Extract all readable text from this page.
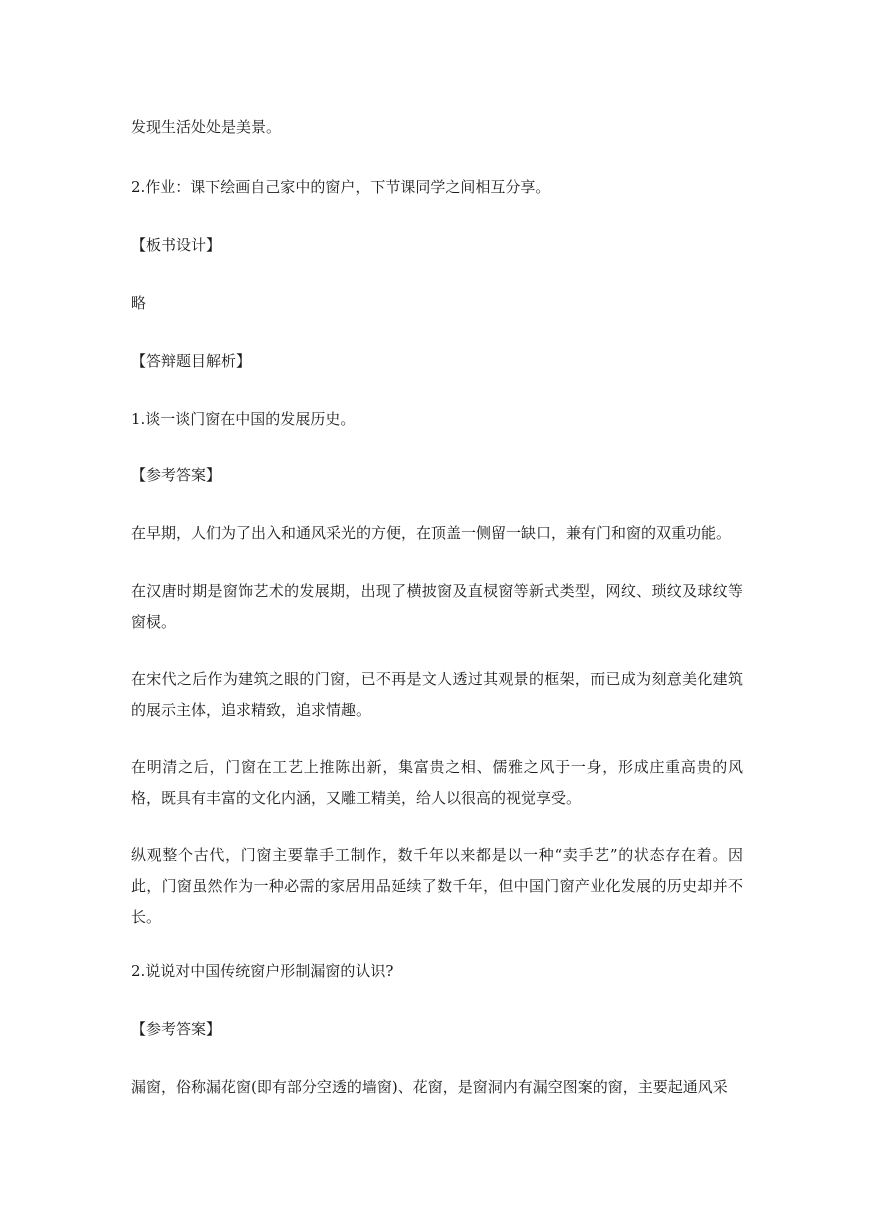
发现生活处处是美景。

2.作业：课下绘画自己家中的窗户，下节课同学之间相互分享。

【板书设计】

略

【答辩题目解析】

1.谈一谈门窗在中国的发展历史。

【参考答案】

在早期，人们为了出入和通风采光的方便，在顶盖一侧留一缺口，兼有门和窗的双重功能。

在汉唐时期是窗饰艺术的发展期，出现了横披窗及直棂窗等新式类型，网纹、琐纹及球纹等窗棂。

在宋代之后作为建筑之眼的门窗，已不再是文人透过其观景的框架，而已成为刻意美化建筑的展示主体，追求精致，追求情趣。

在明清之后，门窗在工艺上推陈出新，集富贵之相、儒雅之风于一身，形成庄重高贵的风格，既具有丰富的文化内涵，又雕工精美，给人以很高的视觉享受。

纵观整个古代，门窗主要靠手工制作，数千年以来都是以一种“卖手艺”的状态存在着。因此，门窗虽然作为一种必需的家居用品延续了数千年，但中国门窗产业化发展的历史却并不长。

2.说说对中国传统窗户形制漏窗的认识?

【参考答案】

漏窗，俗称漏花窗(即有部分空透的墙窗)、花窗，是窗洞内有漏空图案的窗，主要起通风采
